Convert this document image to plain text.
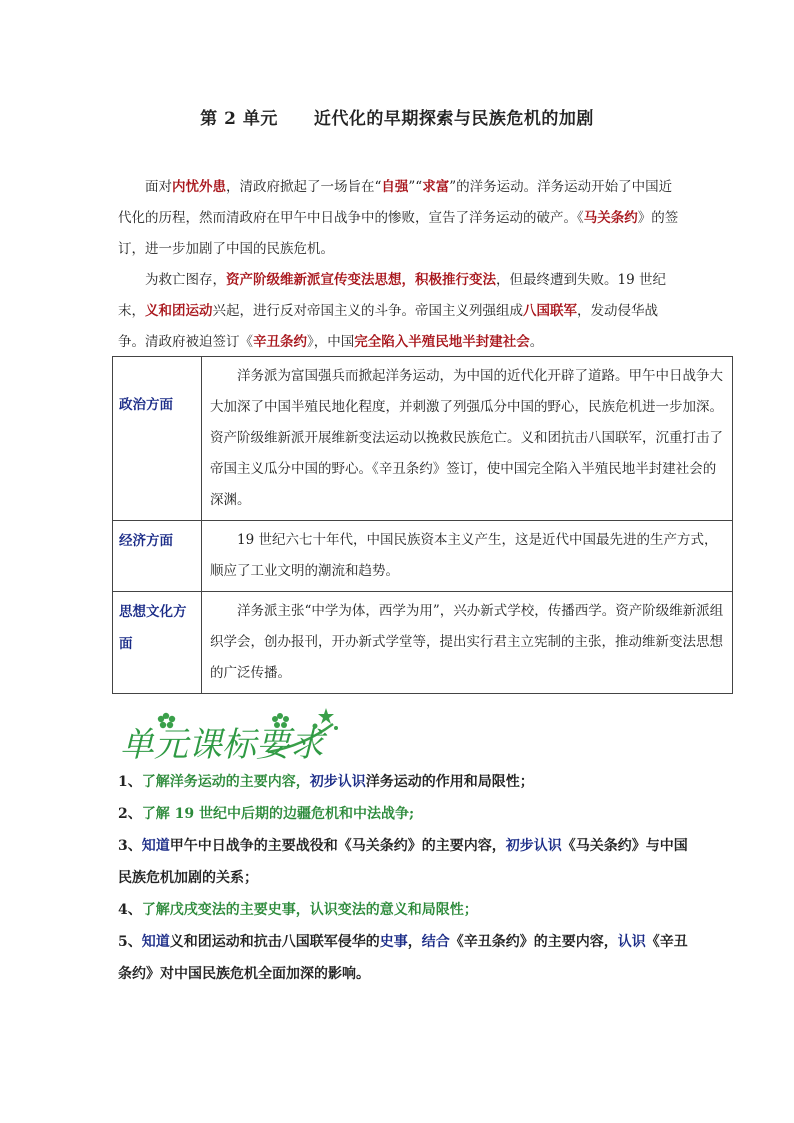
第 2 单元 近代化的早期探索与民族危机的加剧

面对内忧外患，清政府掀起了一场旨在“自强”“求富”的洋务运动。洋务运动开始了中国近代化的历程，然而清政府在甲午中日战争中的惨败，宣告了洋务运动的破产。《马关条约》的签订，进一步加剧了中国的民族危机。

为救亡图存，资产阶级维新派宣传变法思想，积极推行变法，但最终遭到失败。19 世纪末，义和团运动兴起，进行反对帝国主义的斗争。帝国主义列强组成八国联军，发动侵华战争。清政府被迫签订《辛丑条约》，中国完全陷入半殖民地半封建社会。

政治方面	洋务派为富国强兵而掀起洋务运动，为中国的近代化开辟了道路。甲午中日战争大大加深了中国半殖民地化程度，并刺激了列强瓜分中国的野心，民族危机进一步加深。资产阶级维新派开展维新变法运动以挽救民族危亡。义和团抗击八国联军，沉重打击了帝国主义瓜分中国的野心。《辛丑条约》签订，使中国完全陷入半殖民地半封建社会的深渊。
经济方面	19 世纪六七十年代，中国民族资本主义产生，这是近代中国最先进的生产方式，顺应了工业文明的潮流和趋势。
思想文化方面	洋务派主张“中学为体，西学为用”，兴办新式学校，传播西学。资产阶级维新派组织学会，创办报刊，开办新式学堂等，提出实行君主立宪制的主张，推动维新变法思想的广泛传播。
单元课标要求

1、了解洋务运动的主要内容，初步认识洋务运动的作用和局限性；

2、了解 19 世纪中后期的边疆危机和中法战争;

3、知道甲午中日战争的主要战役和《马关条约》的主要内容，初步认识《马关条约》与中国民族危机加剧的关系；

4、了解戊戌变法的主要史事，认识变法的意义和局限性；

5、知道义和团运动和抗击八国联军侵华的史事，结合《辛丑条约》的主要内容，认识《辛丑条约》对中国民族危机全面加深的影响。
